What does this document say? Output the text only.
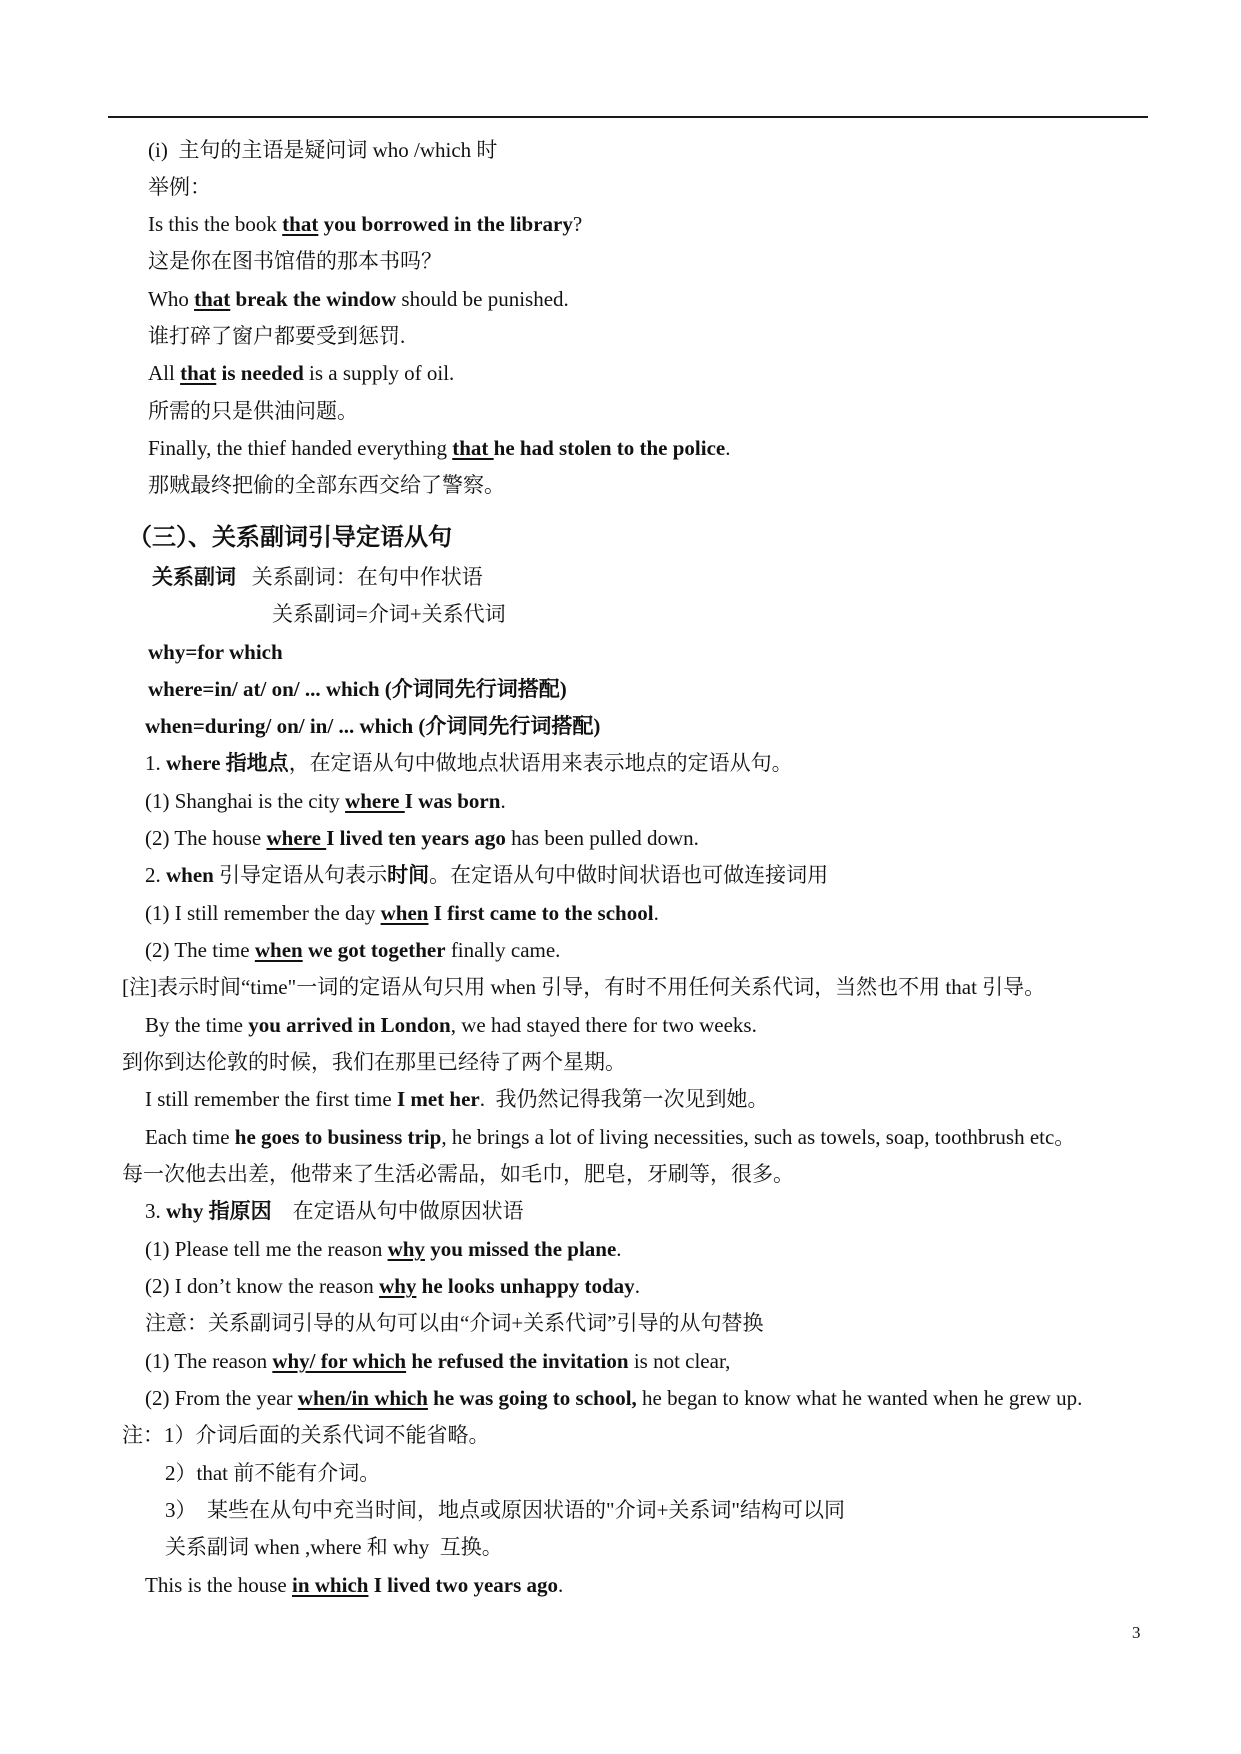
(i)  主句的主语是疑问词 who /which 时
举例：
Is this the book that you borrowed in the library?
这是你在图书馆借的那本书吗？
Who that break the window should be punished.
谁打碎了窗户都要受到惩罚.
All that is needed is a supply of oil.
所需的只是供油问题。
Finally, the thief handed everything that he had stolen to the police.
那贼最终把偷的全部东西交给了警察。
（三）、关系副词引导定语从句
关系副词   关系副词：在句中作状语
关系副词=介词+关系代词
why=for which
where=in/ at/ on/ ... which (介词同先行词搭配)
when=during/ on/ in/ ... which (介词同先行词搭配)
1. where 指地点，在定语从句中做地点状语用来表示地点的定语从句。
(1) Shanghai is the city where I was born.
(2) The house where I lived ten years ago has been pulled down.
2. when 引导定语从句表示时间。在定语从句中做时间状语也可做连接词用
(1) I still remember the day when I first came to the school.
(2) The time when we got together finally came.
[注]表示时间“time"一词的定语从句只用 when 引导，有时不用任何关系代词，当然也不用 that 引导。
By the time you arrived in London, we had stayed there for two weeks.
到你到达伦敦的时候，我们在那里已经待了两个星期。
I still remember the first time I met her.  我仍然记得我第一次见到她。
Each time he goes to business trip, he brings a lot of living necessities, such as towels, soap, toothbrush etc。
每一次他去出差，他带来了生活必需品，如毛巾，肥皂，牙刷等，很多。
3. why 指原因    在定语从句中做原因状语
(1) Please tell me the reason why you missed the plane.
(2) I don’t know the reason why he looks unhappy today.
注意：关系副词引导的从句可以由“介词+关系代词”引导的从句替换
(1) The reason why/ for which he refused the invitation is not clear,
(2) From the year when/in which he was going to school, he began to know what he wanted when he grew up.
注：1）介词后面的关系代词不能省略。
2）that 前不能有介词。
3）  某些在从句中充当时间，地点或原因状语的"介词+关系词"结构可以同
关系副词 when ,where 和 why  互换。
This is the house in which I lived two years ago.
3
